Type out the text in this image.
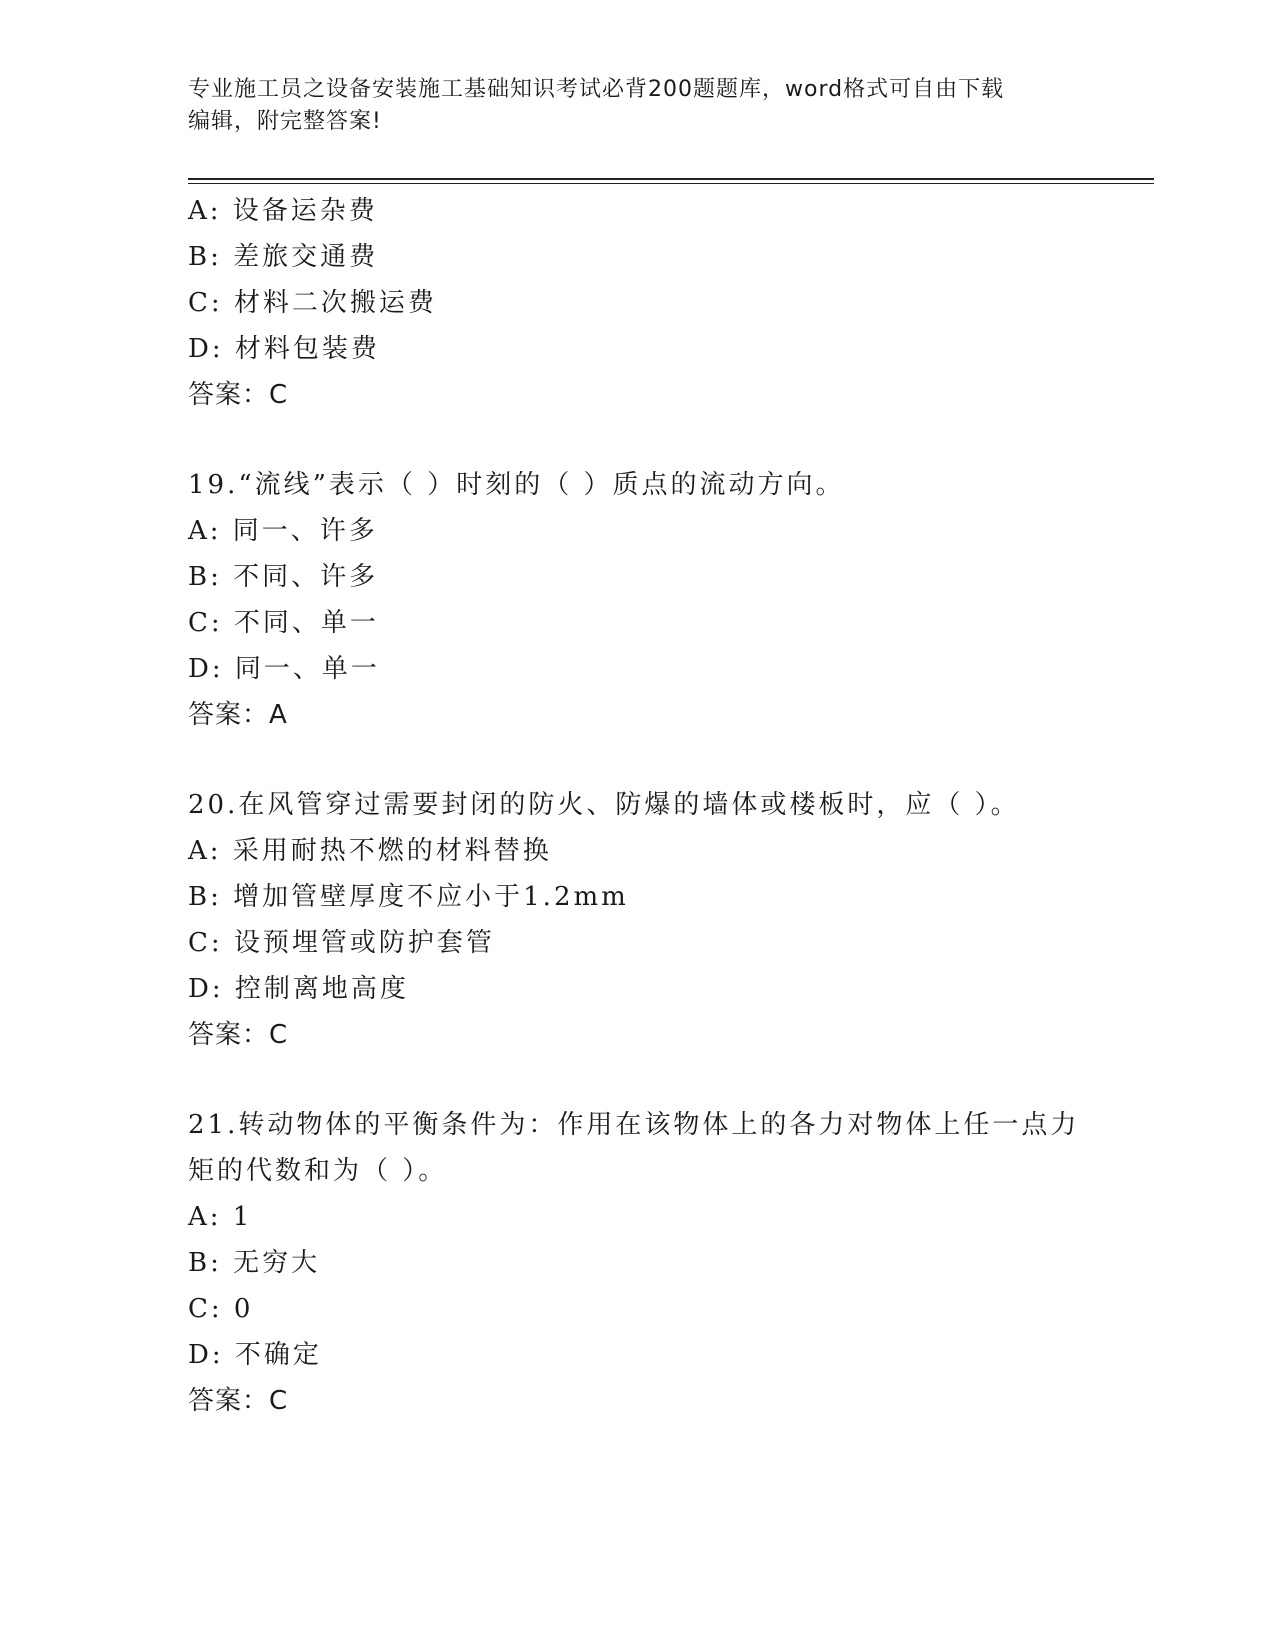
专业施工员之设备安装施工基础知识考试必背200题题库，word格式可自由下载
编辑，附完整答案!
A: 设备运杂费
B: 差旅交通费
C: 材料二次搬运费
D: 材料包装费
答案：C
19.“流线”表示（ ）时刻的（ ）质点的流动方向。
A: 同一、许多
B: 不同、许多
C: 不同、单一
D: 同一、单一
答案：A
20.在风管穿过需要封闭的防火、防爆的墙体或楼板时，应（ ）。
A: 采用耐热不燃的材料替换
B: 增加管壁厚度不应小于1.2mm
C: 设预埋管或防护套管
D: 控制离地高度
答案：C
21.转动物体的平衡条件为：作用在该物体上的各力对物体上任一点力
矩的代数和为（ ）。
A: 1
B: 无穷大
C: 0
D: 不确定
答案：C
